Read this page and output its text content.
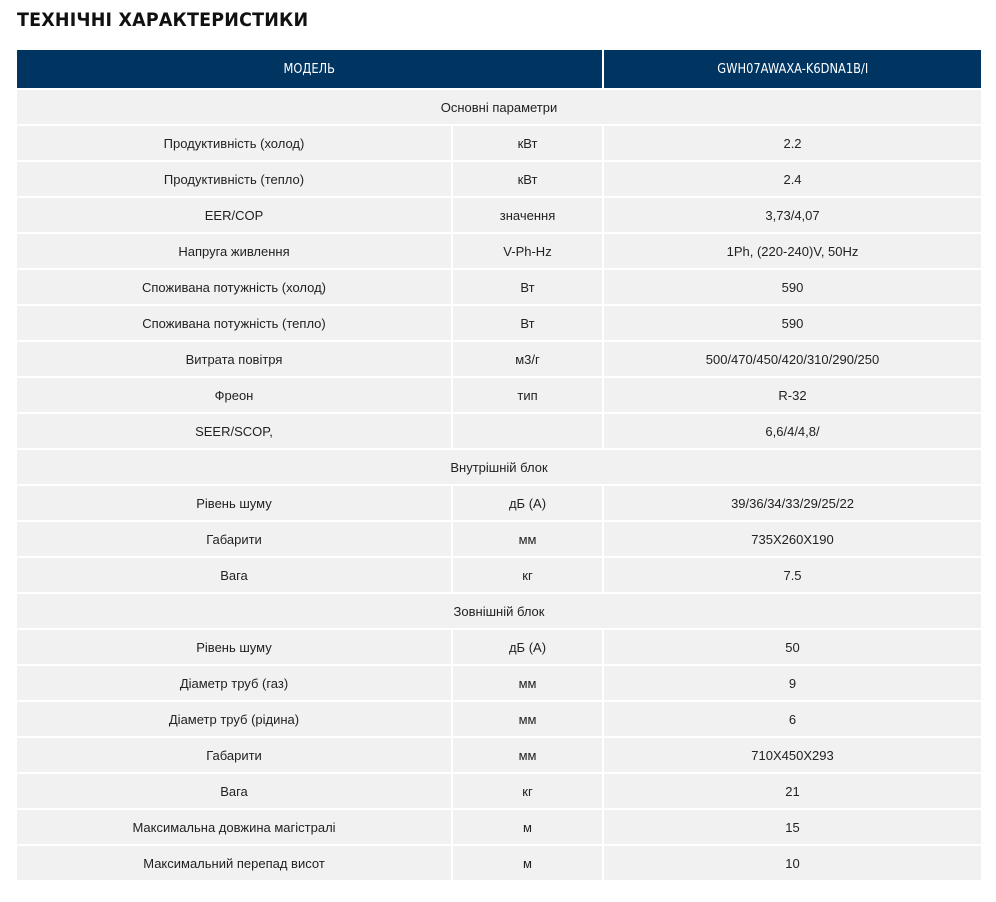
ТЕХНІЧНІ ХАРАКТЕРИСТИКИ
МОДЕЛЬ		GWH07AWAXA-K6DNA1B/I
Основні параметри		
Продуктивність (холод)	кВт	2.2
Продуктивність (тепло)	кВт	2.4
EER/COP	значення	3,73/4,07
Напруга живлення	V-Ph-Hz	1Ph, (220-240)V, 50Hz
Споживана потужність (холод)	Вт	590
Споживана потужність (тепло)	Вт	590
Витрата повітря	м3/г	500/470/450/420/310/290/250
Фреон	тип	R-32
SEER/SCOP,		6,6/4/4,8/
Внутрішній блок		
Рівень шуму	дБ (А)	39/36/34/33/29/25/22
Габарити	мм	735X260X190
Вага	кг	7.5
Зовнішній блок		
Рівень шуму	дБ (А)	50
Діаметр труб (газ)	мм	9
Діаметр труб (рідина)	мм	6
Габарити	мм	710X450X293
Вага	кг	21
Максимальна довжина магістралі	м	15
Максимальний перепад висот	м	10
